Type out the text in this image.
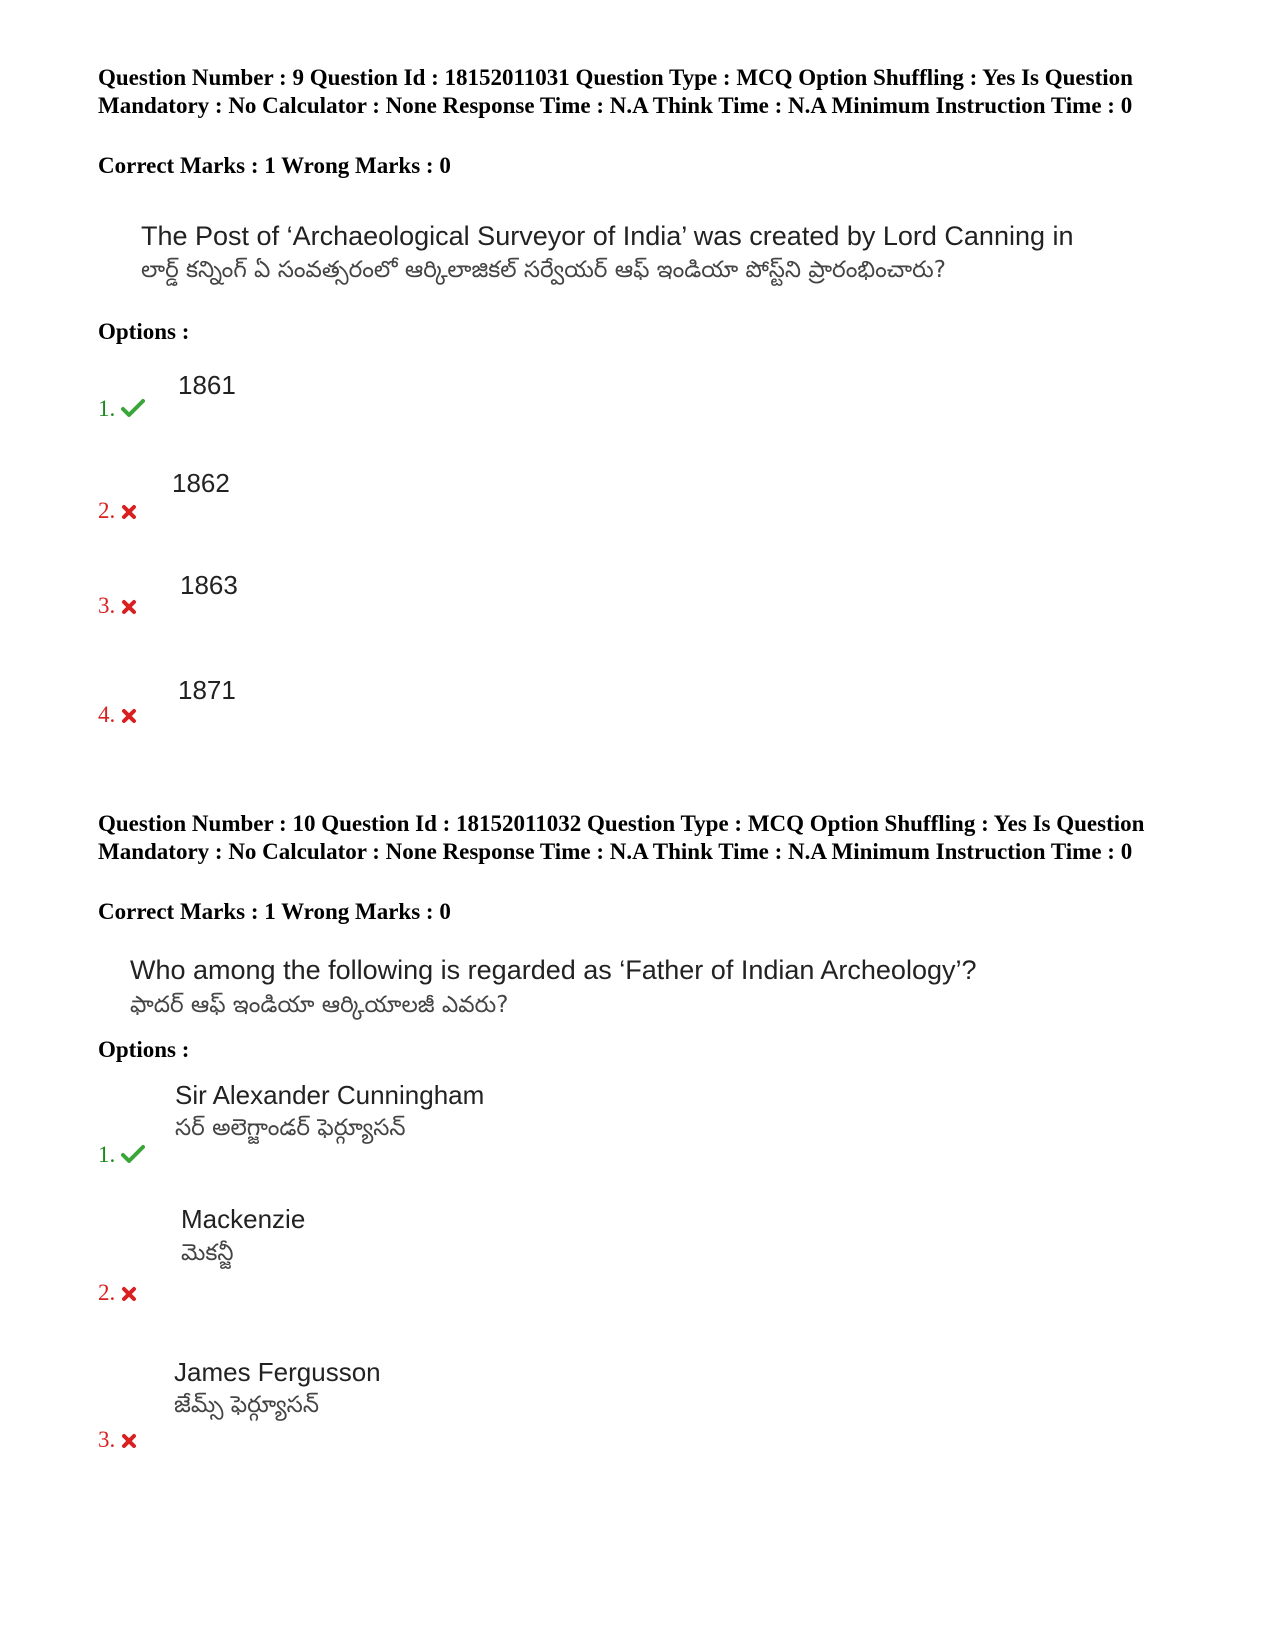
Question Number : 9 Question Id : 18152011031 Question Type : MCQ Option Shuffling : Yes Is Question Mandatory : No Calculator : None Response Time : N.A Think Time : N.A Minimum Instruction Time : 0
Correct Marks : 1 Wrong Marks : 0
The Post of ‘Archaeological Surveyor of India’ was created by Lord Canning in
లార్డ్ కన్నింగ్ ఏ సంవత్సరంలో ఆర్కిలాజికల్ సర్వేయర్ ఆఫ్ ఇండియా పోస్ట్‌ని ప్రారంభించారు?
Options :
1861
1.
1862
2.
1863
3.
1871
4.
Question Number : 10 Question Id : 18152011032 Question Type : MCQ Option Shuffling : Yes Is Question Mandatory : No Calculator : None Response Time : N.A Think Time : N.A Minimum Instruction Time : 0
Correct Marks : 1 Wrong Marks : 0
Who among the following is regarded as ‘Father of Indian Archeology’?
ఫాదర్ ఆఫ్ ఇండియా ఆర్కియాలజీ ఎవరు?
Options :
Sir Alexander Cunningham
సర్ అలెగ్జాండర్ ఫెర్గ్యూసన్
1.
Mackenzie
మెకన్జీ
2.
James Fergusson
జేమ్స్ ఫెర్గ్యూసన్
3.
